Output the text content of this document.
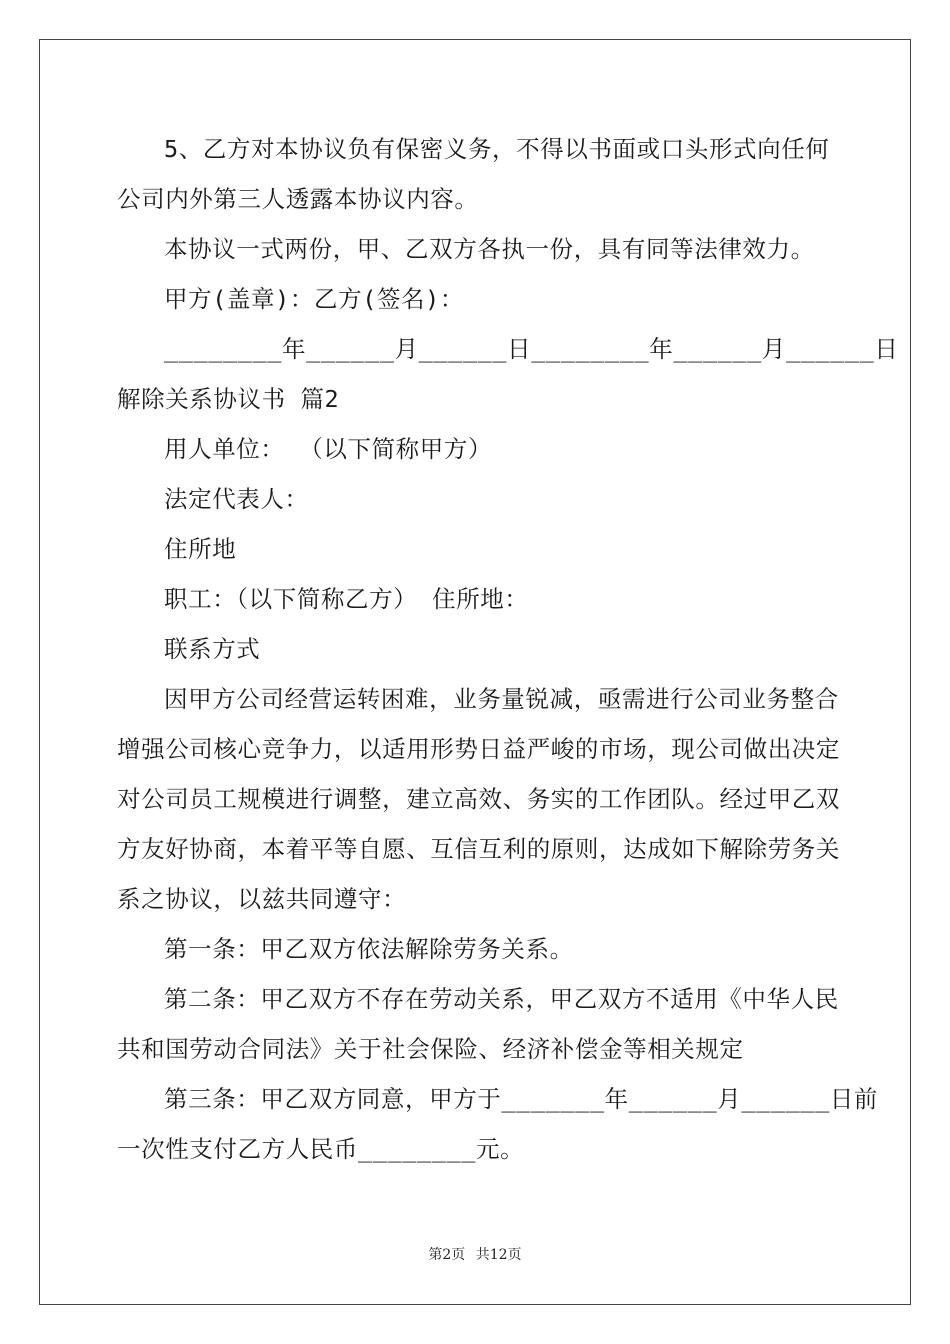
5、乙方对本协议负有保密义务，不得以书面或口头形式向任何
公司内外第三人透露本协议内容。
本协议一式两份，甲、乙双方各执一份，具有同等法律效力。
甲方(盖章)：乙方(签名)：
________年______月______日________年______月______日
解除关系协议书 篇2
用人单位： （以下简称甲方）
法定代表人：
住所地
职工：（以下简称乙方） 住所地：
联系方式
因甲方公司经营运转困难，业务量锐减，亟需进行公司业务整合
增强公司核心竞争力，以适用形势日益严峻的市场，现公司做出决定
对公司员工规模进行调整，建立高效、务实的工作团队。经过甲乙双
方友好协商，本着平等自愿、互信互利的原则，达成如下解除劳务关
系之协议，以兹共同遵守：
第一条：甲乙双方依法解除劳务关系。
第二条：甲乙双方不存在劳动关系，甲乙双方不适用《中华人民
共和国劳动合同法》关于社会保险、经济补偿金等相关规定
第三条：甲乙双方同意，甲方于_______年______月______日前
一次性支付乙方人民币________元。
第2页 共12页
